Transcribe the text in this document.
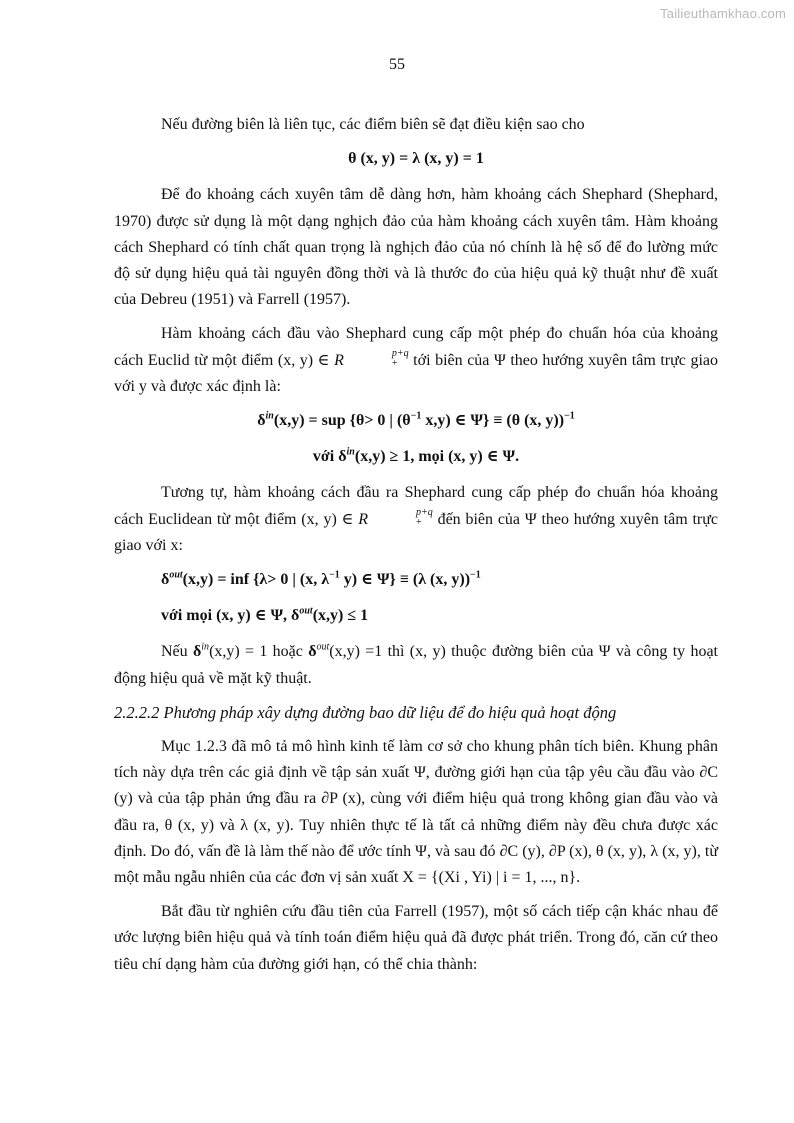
Tailieuthamkhao.com
55

Nếu đường biên là liên tục, các điểm biên sẽ đạt điều kiện sao cho

θ (x, y) = λ (x, y) = 1

Để đo khoảng cách xuyên tâm dễ dàng hơn, hàm khoảng cách Shephard (Shephard, 1970) được sử dụng là một dạng nghịch đảo của hàm khoảng cách xuyên tâm. Hàm khoảng cách Shephard có tính chất quan trọng là nghịch đảo của nó chính là hệ số để đo lường mức độ sử dụng hiệu quả tài nguyên đồng thời và là thước đo của hiệu quả kỹ thuật như đề xuất của Debreu (1951) và Farrell (1957).

Hàm khoảng cách đầu vào Shephard cung cấp một phép đo chuẩn hóa của khoảng cách Euclid từ một điểm (x, y) ∈ R	p+q
+ tới biên của Ψ theo hướng xuyên tâm trực giao với y và được xác định là:

$\delta^{in}(x,y)$ = sup {θ> 0 | ($\theta^{-1}$ x,y) ∈ Ψ} ≡ (θ (x, y))$^{-1}$
với $\delta^{in}(x,y) \ge 1$, mọi (x, y) ∈ Ψ.

Tương tự, hàm khoảng cách đầu ra Shephard cung cấp phép đo chuẩn hóa khoảng cách Euclidean từ một điểm (x, y) ∈ R	p+q
+ đến biên của Ψ theo hướng xuyên tâm trực giao với x:

$\delta^{out}(x,y)$ = inf {λ> 0 | (x, $\lambda^{-1}$ y) ∈ Ψ} ≡ (λ (x, y))$^{-1}$
với mọi (x, y) ∈ Ψ, $\delta^{out}(x,y) \le 1$

Nếu $\delta^{in}(x,y) = 1$ hoặc $\delta^{out}(x,y) =1$ thì (x, y) thuộc đường biên của Ψ và công ty hoạt động hiệu quả về mặt kỹ thuật.

2.2.2.2 Phương pháp xây dựng đường bao dữ liệu để đo hiệu quả hoạt động

Mục 1.2.3 đã mô tả mô hình kinh tế làm cơ sở cho khung phân tích biên. Khung phân tích này dựa trên các giả định về tập sản xuất Ψ, đường giới hạn của tập yêu cầu đầu vào ∂C (y) và của tập phản ứng đầu ra ∂P (x), cùng với điểm hiệu quả trong không gian đầu vào và đầu ra, θ (x, y) và λ (x, y). Tuy nhiên thực tế là tất cả những điểm này đều chưa được xác định. Do đó, vấn đề là làm thế nào để ước tính Ψ, và sau đó ∂C (y), ∂P (x), θ (x, y), λ (x, y), từ một mẫu ngẫu nhiên của các đơn vị sản xuất X = {(Xi , Yi) | i = 1, ..., n}.

Bắt đầu từ nghiên cứu đầu tiên của Farrell (1957), một số cách tiếp cận khác nhau để ước lượng biên hiệu quả và tính toán điểm hiệu quả đã được phát triển. Trong đó, căn cứ theo tiêu chí dạng hàm của đường giới hạn, có thể chia thành:
